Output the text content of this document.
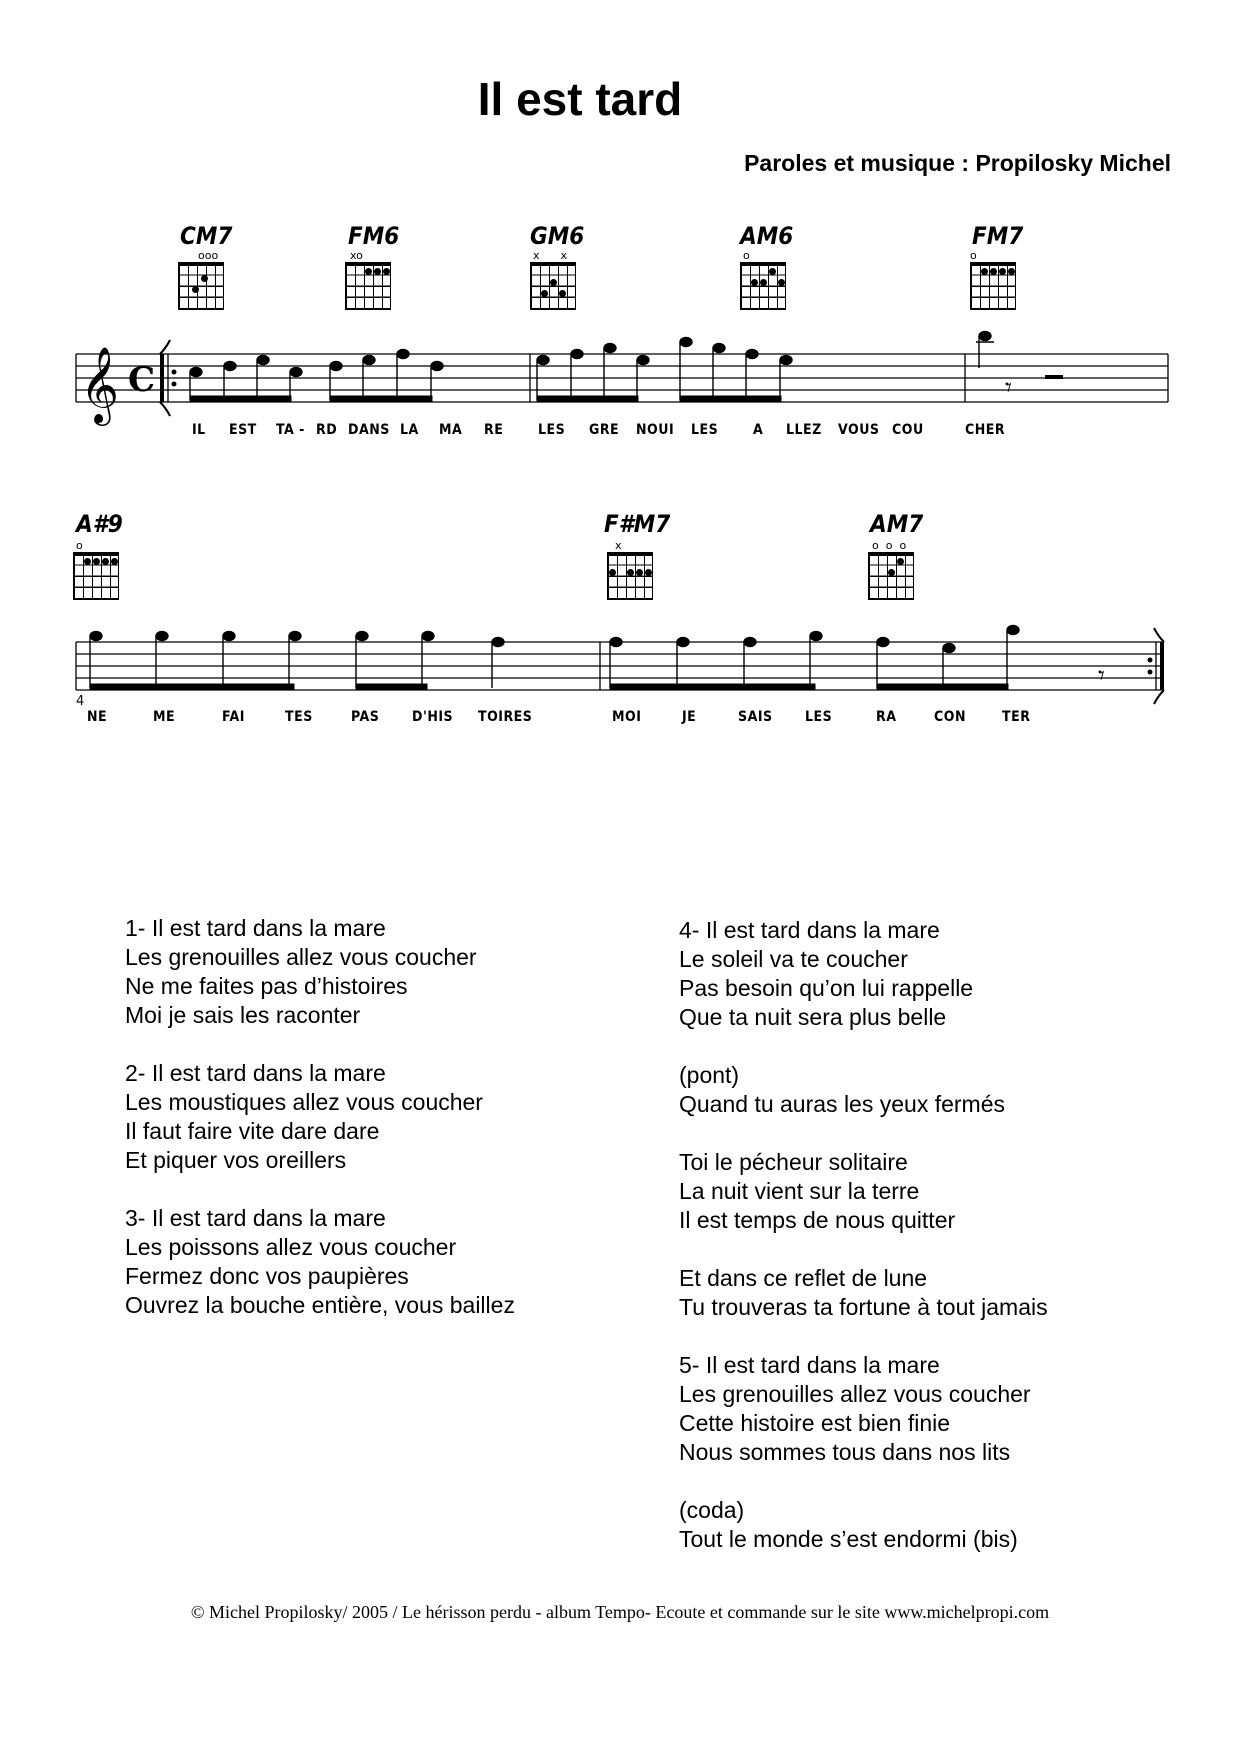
Il est tard
Paroles et musique : Propilosky Michel
CM7	FM6	GM6	AM6	FM7
A#9	F#M7	AM7
ooo	xo	x      x	o	o
o	x	o  o  o
𝄞 C	𝄾
𝄾
IL EST TA - RD DANS LA MA RE LES GRE NOUI LES A LLEZ VOUS COU	CHER
4
NE	ME	FAI	TES	PAS D'HIS TOIRES	MOI	JE	SAIS LES	RA	CON	TER

1- Il est tard dans la mare
Les grenouilles allez vous coucher
Ne me faites pas d’histoires
Moi je sais les raconter

2- Il est tard dans la mare
Les moustiques allez vous coucher
Il faut faire vite dare dare
Et piquer vos oreillers

3- Il est tard dans la mare
Les poissons allez vous coucher
Fermez donc vos paupières
Ouvrez la bouche entière, vous baillez

4- Il est tard dans la mare
Le soleil va te coucher
Pas besoin qu’on lui rappelle
Que ta nuit sera plus belle

(pont)
Quand tu auras les yeux fermés

Toi le pécheur solitaire
La nuit vient sur la terre
Il est temps de nous quitter

Et dans ce reflet de lune
Tu trouveras ta fortune à tout jamais

5- Il est tard dans la mare
Les grenouilles allez vous coucher
Cette histoire est bien finie
Nous sommes tous dans nos lits

(coda)
Tout le monde s’est endormi (bis)

© Michel Propilosky/ 2005 / Le hérisson perdu - album Tempo- Ecoute et commande sur le site www.michelpropi.com
